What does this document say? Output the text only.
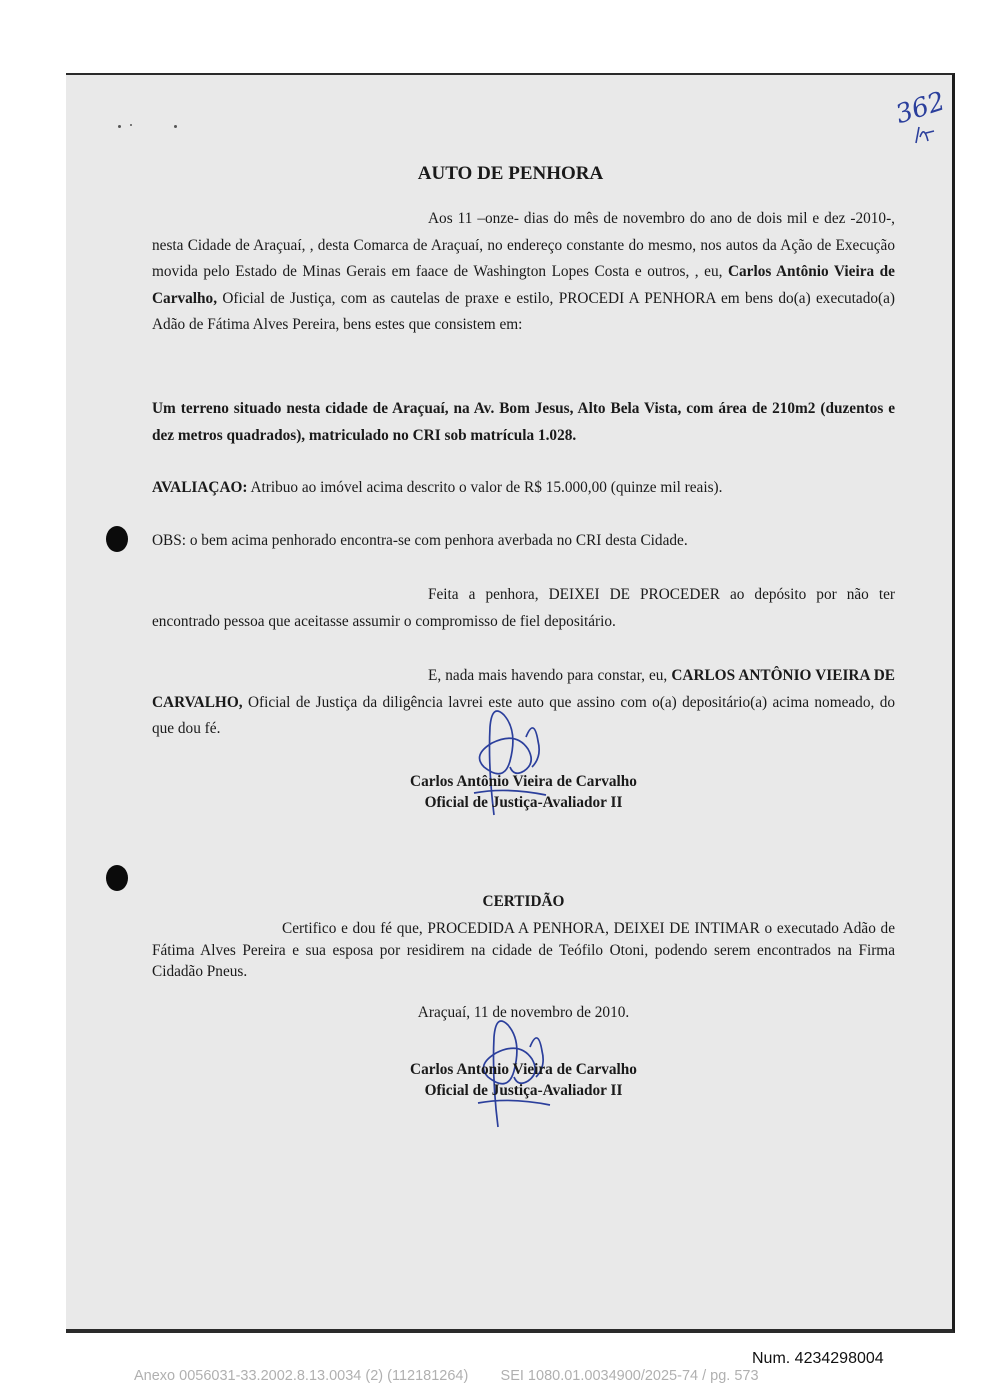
362
AUTO DE PENHORA
Aos 11 –onze- dias do mês de novembro do ano de dois mil e dez -2010-, nesta Cidade de Araçuaí, , desta Comarca de Araçuaí, no endereço constante do mesmo, nos autos da Ação de Execução movida pelo Estado de Minas Gerais em faace de Washington Lopes Costa e outros, , eu, Carlos Antônio Vieira de Carvalho, Oficial de Justiça, com as cautelas de praxe e estilo, PROCEDI A PENHORA em bens do(a) executado(a) Adão de Fátima Alves Pereira, bens estes que consistem em:
Um terreno situado nesta cidade de Araçuaí, na Av. Bom Jesus, Alto Bela Vista, com área de 210m2 (duzentos e dez metros quadrados), matriculado no CRI sob matrícula 1.028.
AVALIAÇAO: Atribuo ao imóvel acima descrito o valor de R$ 15.000,00 (quinze mil reais).
OBS: o bem acima penhorado encontra-se com penhora averbada no CRI desta Cidade.
Feita a penhora, DEIXEI DE PROCEDER ao depósito por não ter encontrado pessoa que aceitasse assumir o compromisso de fiel depositário.
E, nada mais havendo para constar, eu, CARLOS ANTÔNIO VIEIRA DE CARVALHO, Oficial de Justiça da diligência lavrei este auto que assino com o(a) depositário(a) acima nomeado, do que dou fé.
Carlos Antônio Vieira de Carvalho
Oficial de Justiça-Avaliador II
CERTIDÃO
Certifico e dou fé que, PROCEDIDA A PENHORA, DEIXEI DE INTIMAR o executado Adão de Fátima Alves Pereira e sua esposa por residirem na cidade de Teófilo Otoni, podendo serem encontrados na Firma Cidadão Pneus.
Araçuaí, 11 de novembro de 2010.
Carlos Antonio Vieira de Carvalho
Oficial de Justiça-Avaliador II
Num. 4234298004
Anexo 0056031-33.2002.8.13.0034 (2) (112181264)        SEI 1080.01.0034900/2025-74 / pg. 573
